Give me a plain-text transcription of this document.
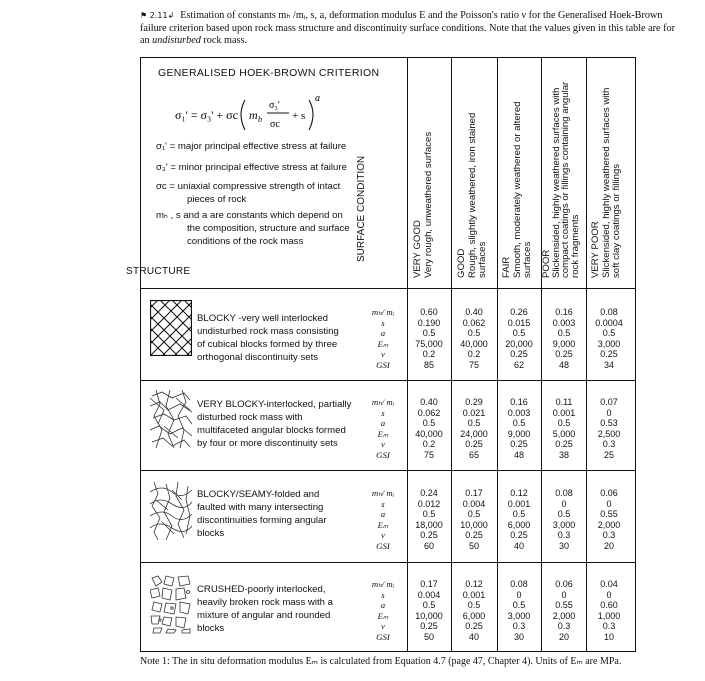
⚑ 2.11↲ Estimation of constants mₕ /mᵢ, s, a, deformation modulus E and the Poisson's ratio ν for the Generalised Hoek-Brown failure criterion based upon rock mass structure and discontinuity surface conditions. Note that the values given in this table are for an undisturbed rock mass.
GENERALISED HOEK-BROWN CRITERION
σ₁' = σ₃' + σc m b
σ₃'
σc
+ s
a
σ₁' = major principal effective stress at failure
σ₃' = minor principal effective stress at failure
σc = uniaxial compressive strength of intact
pieces of rock
mₕ , s and a are constants which depend on
the composition, structure and surface
conditions of the rock mass
STRUCTURE
SURFACE CONDITION	VERY GOOD Very rough, unweathered surfaces GOOD Rough, slightly weathered, iron stained surfaces FAIR Smooth, moderately weathered or altered surfaces POOR
Slickensided, highly weathered surfaces with
compact coatings or fillings containing angular
rock fragments VERY POOR Slickensided, highly weathered surfaces with soft clay coatings or fillings
BLOCKY -very well interlocked
undisturbed rock mass consisting
of cubical blocks formed by three
orthogonal discontinuity sets
mₕ/ mᵢ
s
a
Eₘ
v
GSI
0.60
0.190
0.5
75,000
0.2
85
0.40
0.062
0.5
40,000
0.2
75
0.26
0.015
0.5
20,000
0.25
62
0.16
0.003
0.5
9,000
0.25
48
0.08
0.0004
0.5
3,000
0.25
34
VERY BLOCKY-interlocked, partially
disturbed rock mass with
multifaceted angular blocks formed
by four or more discontinuity sets
mₕ/ mᵢ
s
a
Eₘ
v
GSI
0.40
0.062
0.5
40,000
0.2
75
0.29
0.021
0.5
24,000
0.25
65
0.16
0.003
0.5
9,000
0.25
48
0.11
0.001
0.5
5,000
0.25
38
0.07
0
0.53
2,500
0.3
25
BLOCKY/SEAMY-folded and
faulted with many intersecting
discontinuities forming angular
blocks
mₕ/ mᵢ
s
a
Eₘ
v
GSI
0.24
0.012
0.5
18,000
0.25
60
0.17
0.004
0.5
10,000
0.25
50
0.12
0.001
0.5
6,000
0.25
40
0.08
0
0.5
3,000
0.3
30
0.06
0
0.55
2,000
0.3
20
CRUSHED-poorly interlocked,
heavily broken rock mass with a
mixture of angular and rounded
blocks
mₕ/ mᵢ
s
a
Eₘ
v
GSI
0.17
0.004
0.5
10,000
0.25
50
0.12
0.001
0.5
6,000
0.25
40
0.08
0
0.5
3,000
0.3
30
0.06
0
0.55
2,000
0.3
20
0.04
0
0.60
1,000
0.3
10
Note 1: The in situ deformation modulus Eₘ is calculated from Equation 4.7 (page 47, Chapter 4). Units of Eₘ are MPa.
